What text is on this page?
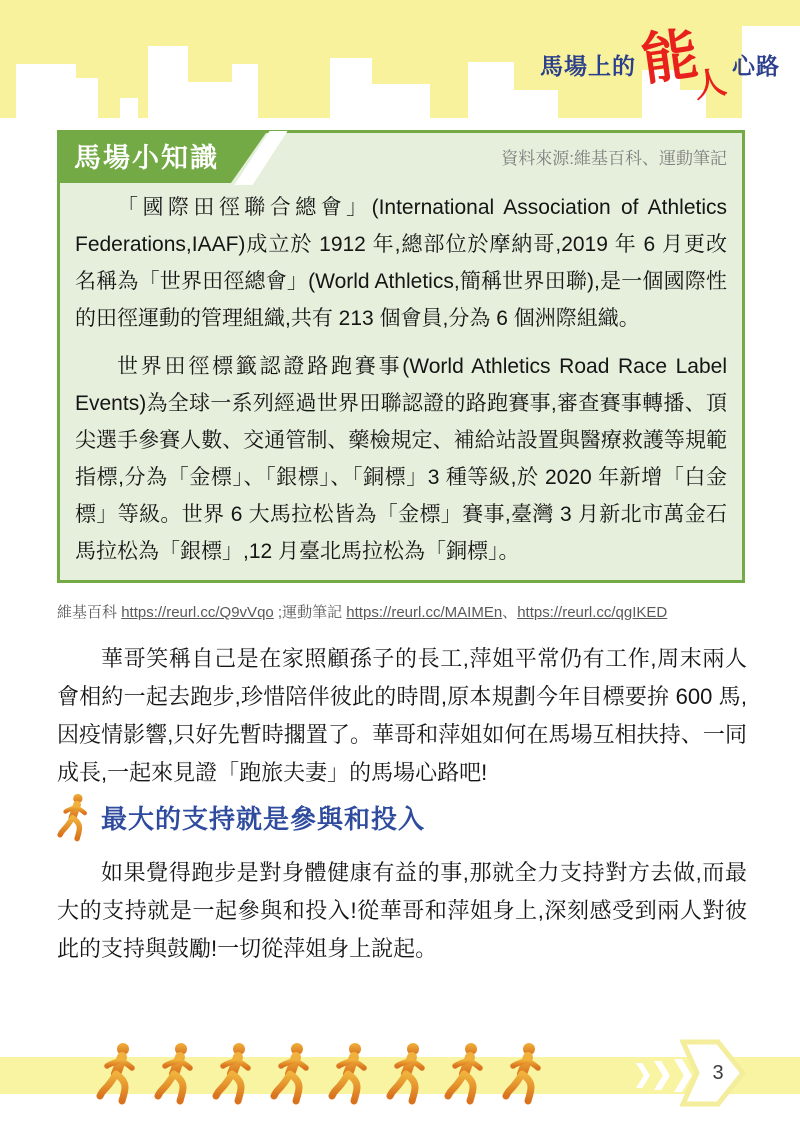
馬場上的 能
人 心路
馬場小知識	資料來源:維基百科、運動筆記

「國際田徑聯合總會」(International Association of Athletics Federations,IAAF)成立於 1912 年,總部位於摩納哥,2019 年 6 月更改名稱為「世界田徑總會」(World Athletics,簡稱世界田聯),是一個國際性的田徑運動的管理組織,共有 213 個會員,分為 6 個洲際組織。

世界田徑標籤認證路跑賽事(World Athletics Road Race Label Events)為全球一系列經過世界田聯認證的路跑賽事,審查賽事轉播、頂尖選手參賽人數、交通管制、藥檢規定、補給站設置與醫療救護等規範指標,分為「金標」、「銀標」、「銅標」3 種等級,於 2020 年新增「白金標」等級。世界 6 大馬拉松皆為「金標」賽事,臺灣 3 月新北市萬金石馬拉松為「銀標」,12 月臺北馬拉松為「銅標」。

維基百科 https://reurl.cc/Q9vVqo ;運動筆記 https://reurl.cc/MAIMEn、https://reurl.cc/qgIKED

華哥笑稱自己是在家照顧孫子的長工,萍姐平常仍有工作,周末兩人會相約一起去跑步,珍惜陪伴彼此的時間,原本規劃今年目標要拚 600 馬,因疫情影響,只好先暫時擱置了。華哥和萍姐如何在馬場互相扶持、一同成長,一起來見證「跑旅夫妻」的馬場心路吧!

最大的支持就是參與和投入

如果覺得跑步是對身體健康有益的事,那就全力支持對方去做,而最大的支持就是一起參與和投入!從華哥和萍姐身上,深刻感受到兩人對彼此的支持與鼓勵!一切從萍姐身上說起。

3
